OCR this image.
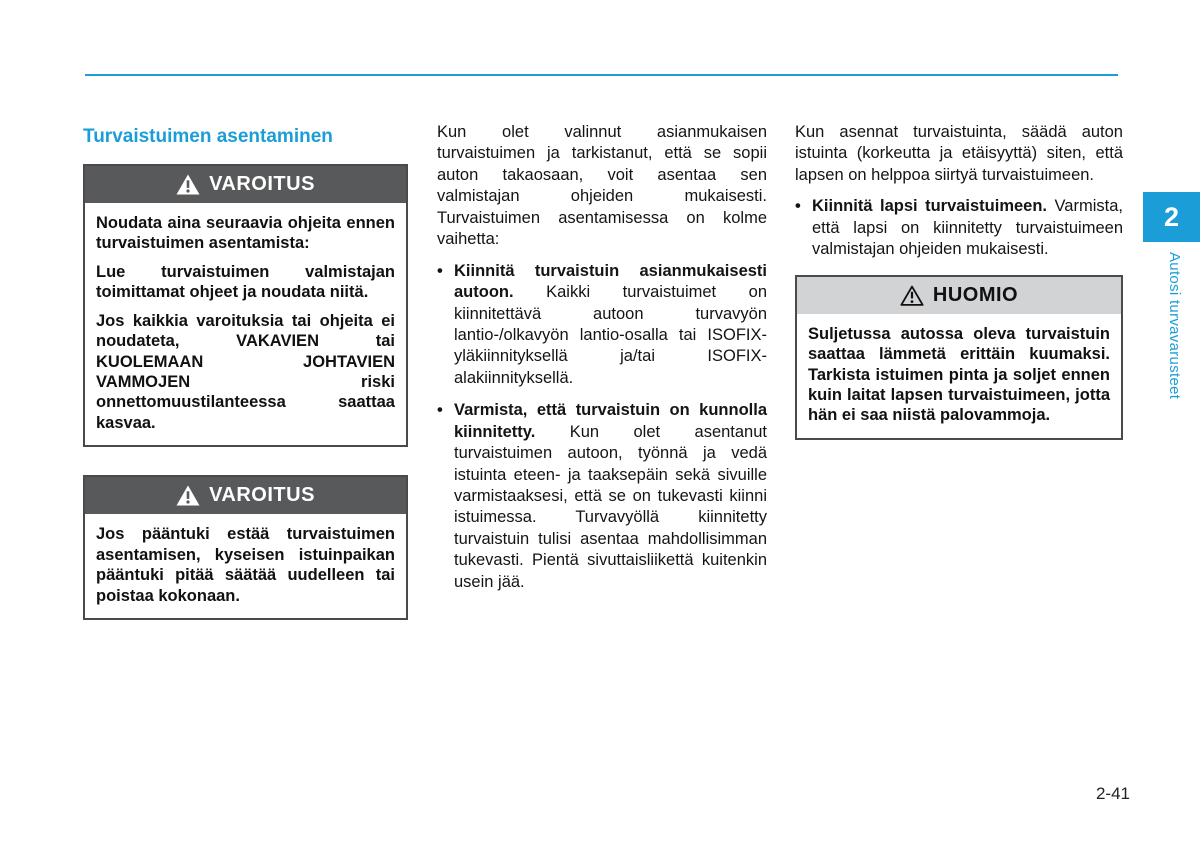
Turvaistuimen asentaminen
VAROITUS

Noudata aina seuraavia ohjeita ennen turvaistuimen asentamista:

Lue turvaistuimen valmistajan toimittamat ohjeet ja noudata niitä.

Jos kaikkia varoituksia tai ohjeita ei noudateta, VAKAVIEN tai KUOLEMAAN JOHTAVIEN VAMMOJEN riski onnettomuustilanteessa saattaa kasvaa.

VAROITUS

Jos pääntuki estää turvaistuimen asentamisen, kyseisen istuinpaikan pääntuki pitää säätää uudelleen tai poistaa kokonaan.

Kun olet valinnut asianmukaisen turvaistuimen ja tarkistanut, että se sopii auton takaosaan, voit asentaa sen valmistajan ohjeiden mukaisesti. Turvaistuimen asentamisessa on kolme vaihetta:

• Kiinnitä turvaistuin asianmukaisesti autoon. Kaikki turvaistuimet on kiinnitettävä autoon turvavyön lantio-/olkavyön lantio-osalla tai ISOFIX-yläkiinnityksellä ja/tai ISOFIX-alakiinnityksellä.
• Varmista, että turvaistuin on kunnolla kiinnitetty. Kun olet asentanut turvaistuimen autoon, työnnä ja vedä istuinta eteen- ja taaksepäin sekä sivuille varmistaaksesi, että se on tukevasti kiinni istuimessa. Turvavyöllä kiinnitetty turvaistuin tulisi asentaa mahdollisimman tukevasti. Pientä sivuttaisliikettä kuitenkin usein jää.

Kun asennat turvaistuinta, säädä auton istuinta (korkeutta ja etäisyyttä) siten, että lapsen on helppoa siirtyä turvaistuimeen.

• Kiinnitä lapsi turvaistuimeen. Varmista, että lapsi on kiinnitetty turvaistuimeen valmistajan ohjeiden mukaisesti.
HUOMIO

Suljetussa autossa oleva turvaistuin saattaa lämmetä erittäin kuumaksi. Tarkista istuimen pinta ja soljet ennen kuin laitat lapsen turvaistuimeen, jotta hän ei saa niistä palovammoja.

2
Autosi turvavarusteet
2-41
